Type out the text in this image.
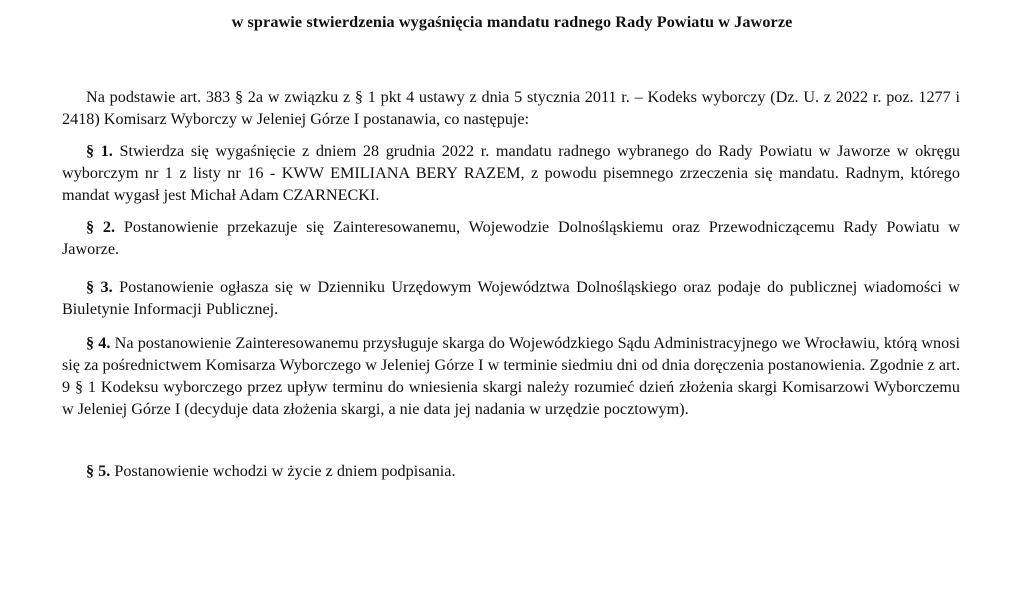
w sprawie stwierdzenia wygaśnięcia mandatu radnego Rady Powiatu w Jaworze

Na podstawie art. 383 § 2a w związku z § 1 pkt 4 ustawy z dnia 5 stycznia 2011 r. – Kodeks wyborczy (Dz. U. z 2022 r. poz. 1277 i 2418) Komisarz Wyborczy w Jeleniej Górze I postanawia, co następuje:

§ 1. Stwierdza się wygaśnięcie z dniem 28 grudnia 2022 r. mandatu radnego wybranego do Rady Powiatu w Jaworze w okręgu wyborczym nr 1 z listy nr 16 - KWW EMILIANA BERY RAZEM, z powodu pisemnego zrzeczenia się mandatu. Radnym, którego mandat wygasł jest Michał Adam CZARNECKI.

§ 2. Postanowienie przekazuje się Zainteresowanemu, Wojewodzie Dolnośląskiemu oraz Przewodniczącemu Rady Powiatu w Jaworze.

§ 3. Postanowienie ogłasza się w Dzienniku Urzędowym Województwa Dolnośląskiego oraz podaje do publicznej wiadomości w Biuletynie Informacji Publicznej.

§ 4. Na postanowienie Zainteresowanemu przysługuje skarga do Wojewódzkiego Sądu Administracyjnego we Wrocławiu, którą wnosi się za pośrednictwem Komisarza Wyborczego w Jeleniej Górze I w terminie siedmiu dni od dnia doręczenia postanowienia. Zgodnie z art. 9 § 1 Kodeksu wyborczego przez upływ terminu do wniesienia skargi należy rozumieć dzień złożenia skargi Komisarzowi Wyborczemu w Jeleniej Górze I (decyduje data złożenia skargi, a nie data jej nadania w urzędzie pocztowym).

§ 5. Postanowienie wchodzi w życie z dniem podpisania.
